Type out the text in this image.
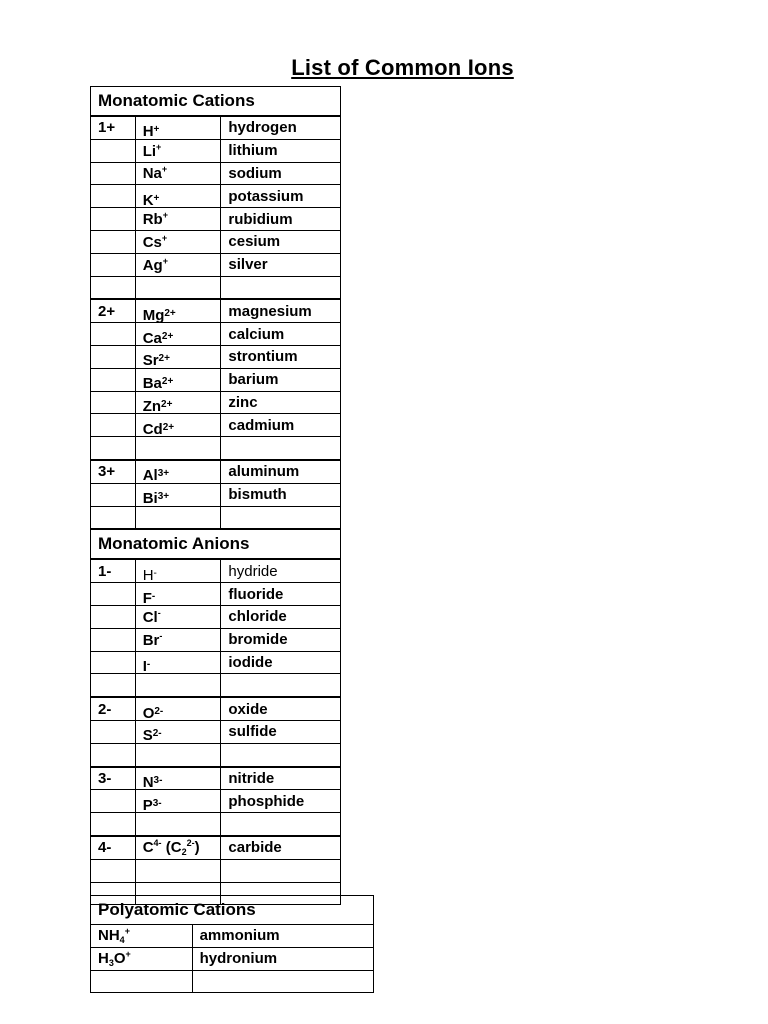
List of Common Ions
Monatomic Cations		
1+	H+	hydrogen
	Li+	lithium
	Na+	sodium
	K+	potassium
	Rb+	rubidium
	Cs+	cesium
	Ag+	silver

2+	$Mg^{2+}$	magnesium
	$Ca^{2+}$	calcium
	$Sr^{2+}$	strontium
	$Ba^{2+}$	barium
	$Zn^{2+}$	zinc
	$Cd^{2+}$	cadmium

3+	$Al^{3+}$	aluminum
	$Bi^{3+}$	bismuth

Monatomic Anions		
1-	H-	hydride
	F-	fluoride
	Cl-	chloride
	Br-	bromide
	I-	iodide

2-	$O^{2-}$	oxide
	$S^{2-}$	sulfide

3-	$N^{3-}$	nitride
	$P^{3-}$	phosphide

4-	$C^{4-}$ $(C_2^{2-})$	carbide

Polyatomic Cations	
$NH_4^+$	ammonium
$H_3O^+$	hydronium
